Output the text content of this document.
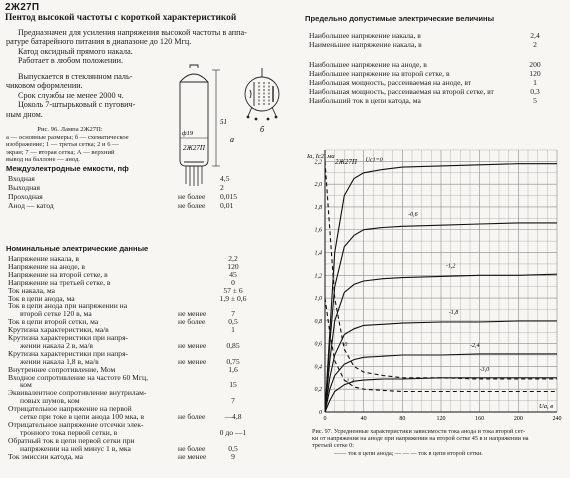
2Ж27П
Пентод высокой частоты с короткой характеристикой

Предназначен для усиления напряжения высокой частоты в аппа-

ратуре батарейного питания в диапазоне до 120 Мгц.

Катод оксидный прямого накала.

Работает в любом положении.

Выпускается в стеклянном паль-

чиковом оформлении.

Срок службы не менее 2000 ч.

Цоколь 7-штырьковый с пугович-

ным дном.

ф19
2Ж27П
51
а
б
Рис. 96. Лампа 2Ж27П:
а — основные размеры; б — схематическое
изображение; 1 — третья сетка; 2 и 6 —
экран; 7 — вторая сетка; А — верхний
вывод на баллоне — анод.
Междуэлектродные емкости, пф
Входная	4,5
Выходная	2
Проходная	не более 0,015
Анод — катод	не более 0,01
Номинальные электрические данные
Напряжение накала, в	2,2
Напряжение на аноде, в	120
Напряжение на второй сетке, в	45
Напряжение на третьей сетке, в	0
Ток накала, ма	57 ± 6
Ток в цепи анода, ма	1,9 ± 0,6
Ток в цепи анода при напряжении на
второй сетке 120 в, ма	не менее	7
Ток в цепи второй сетки, ма	не более	0,5
Крутизна характеристики, ма/в	1
Крутизна характеристики при напря-
жении накала 2 в, ма/в	не менее	0,85
Крутизна характеристики при напря-
жении накала 1,8 в, ма/в	не менее	0,75
Внутреннее сопротивление, Мом	1,6
Входное сопротивление на частоте 60 Мгц,
ком	15
Эквивалентное сопротивление внутрилам-
повых шумов, ком	7
Отрицательное напряжение на первой
сетке при токе в цепи анода 100 мка, в	не более	—4,8
Отрицательное напряжение отсечки элек-
тронного тока первой сетки, в	0 до —1
Обратный ток в цепи первой сетки при
напряжении на ней минус 1 в, мка	не более	0,5
Ток эмиссии катода, ма	не менее	9
Предельно допустимые электрические величины
Наибольшее напряжение накала, в	2,4
Наименьшее напряжение накала, в	2
Наибольшее напряжение на аноде, в	200
Наибольшее напряжение на второй сетке, в	120
Наибольшая мощность, рассеиваемая на аноде, вт	1
Наибольшая мощность, рассеиваемая на второй сетке, вт	0,3
Наибольший ток в цепи катода, ма	5
0
0,2
0,4
0,6
0,8
1,0
1,2
1,4
1,6
1,8
2,0
2,2
0	40	80	120	160	200	240
Ia, Ic2, ма
Ua, в
2Ж27П Uc1=0
-0,6
-1,2
-1,8
-2,4
-3,0
0
-1,2
Рис. 97. Усредненные характеристики зависимости тока анода и тока второй сет-
ки от напряжения на аноде при напряжении на второй сетке 45 в и напряжении на
третьей сетке 0:
—— ток в цепи анода; — — — ток в цепи второй сетки.
